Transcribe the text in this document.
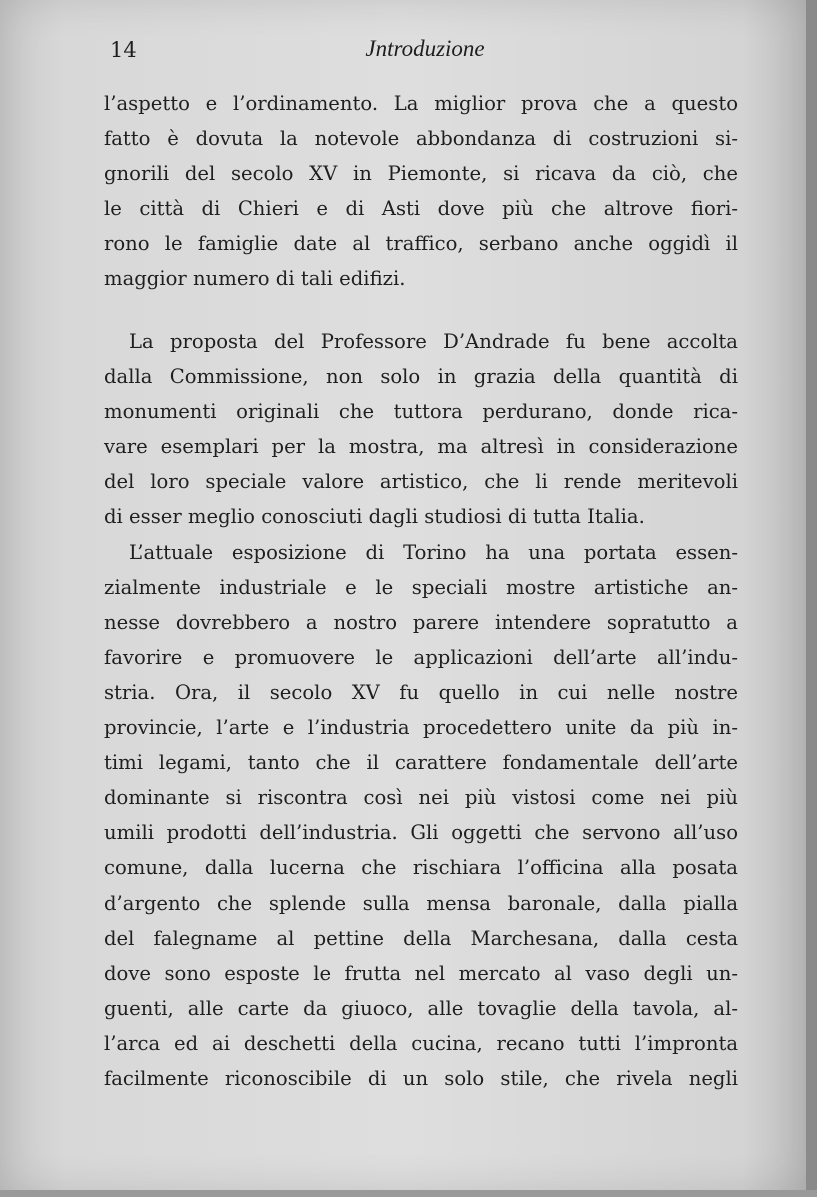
14	Jntroduzione
l’aspetto e l’ordinamento. La miglior prova che a questo
fatto è dovuta la notevole abbondanza di costruzioni si-
gnorili del secolo XV in Piemonte, si ricava da ciò, che
le città di Chieri e di Asti dove più che altrove fiori-
rono le famiglie date al traffico, serbano anche oggidì il
maggior numero di tali edifizi.
La proposta del Professore D’Andrade fu bene accolta
dalla Commissione, non solo in grazia della quantità di
monumenti originali che tuttora perdurano, donde rica-
vare esemplari per la mostra, ma altresì in considerazione
del loro speciale valore artistico, che li rende meritevoli
di esser meglio conosciuti dagli studiosi di tutta Italia.
L’attuale esposizione di Torino ha una portata essen-
zialmente industriale e le speciali mostre artistiche an-
nesse dovrebbero a nostro parere intendere sopratutto a
favorire e promuovere le applicazioni dell’arte all’indu-
stria. Ora, il secolo XV fu quello in cui nelle nostre
provincie, l’arte e l’industria procedettero unite da più in-
timi legami, tanto che il carattere fondamentale dell’arte
dominante si riscontra così nei più vistosi come nei più
umili prodotti dell’industria. Gli oggetti che servono all’uso
comune, dalla lucerna che rischiara l’officina alla posata
d’argento che splende sulla mensa baronale, dalla pialla
del falegname al pettine della Marchesana, dalla cesta
dove sono esposte le frutta nel mercato al vaso degli un-
guenti, alle carte da giuoco, alle tovaglie della tavola, al-
l’arca ed ai deschetti della cucina, recano tutti l’impronta
facilmente riconoscibile di un solo stile, che rivela negli
